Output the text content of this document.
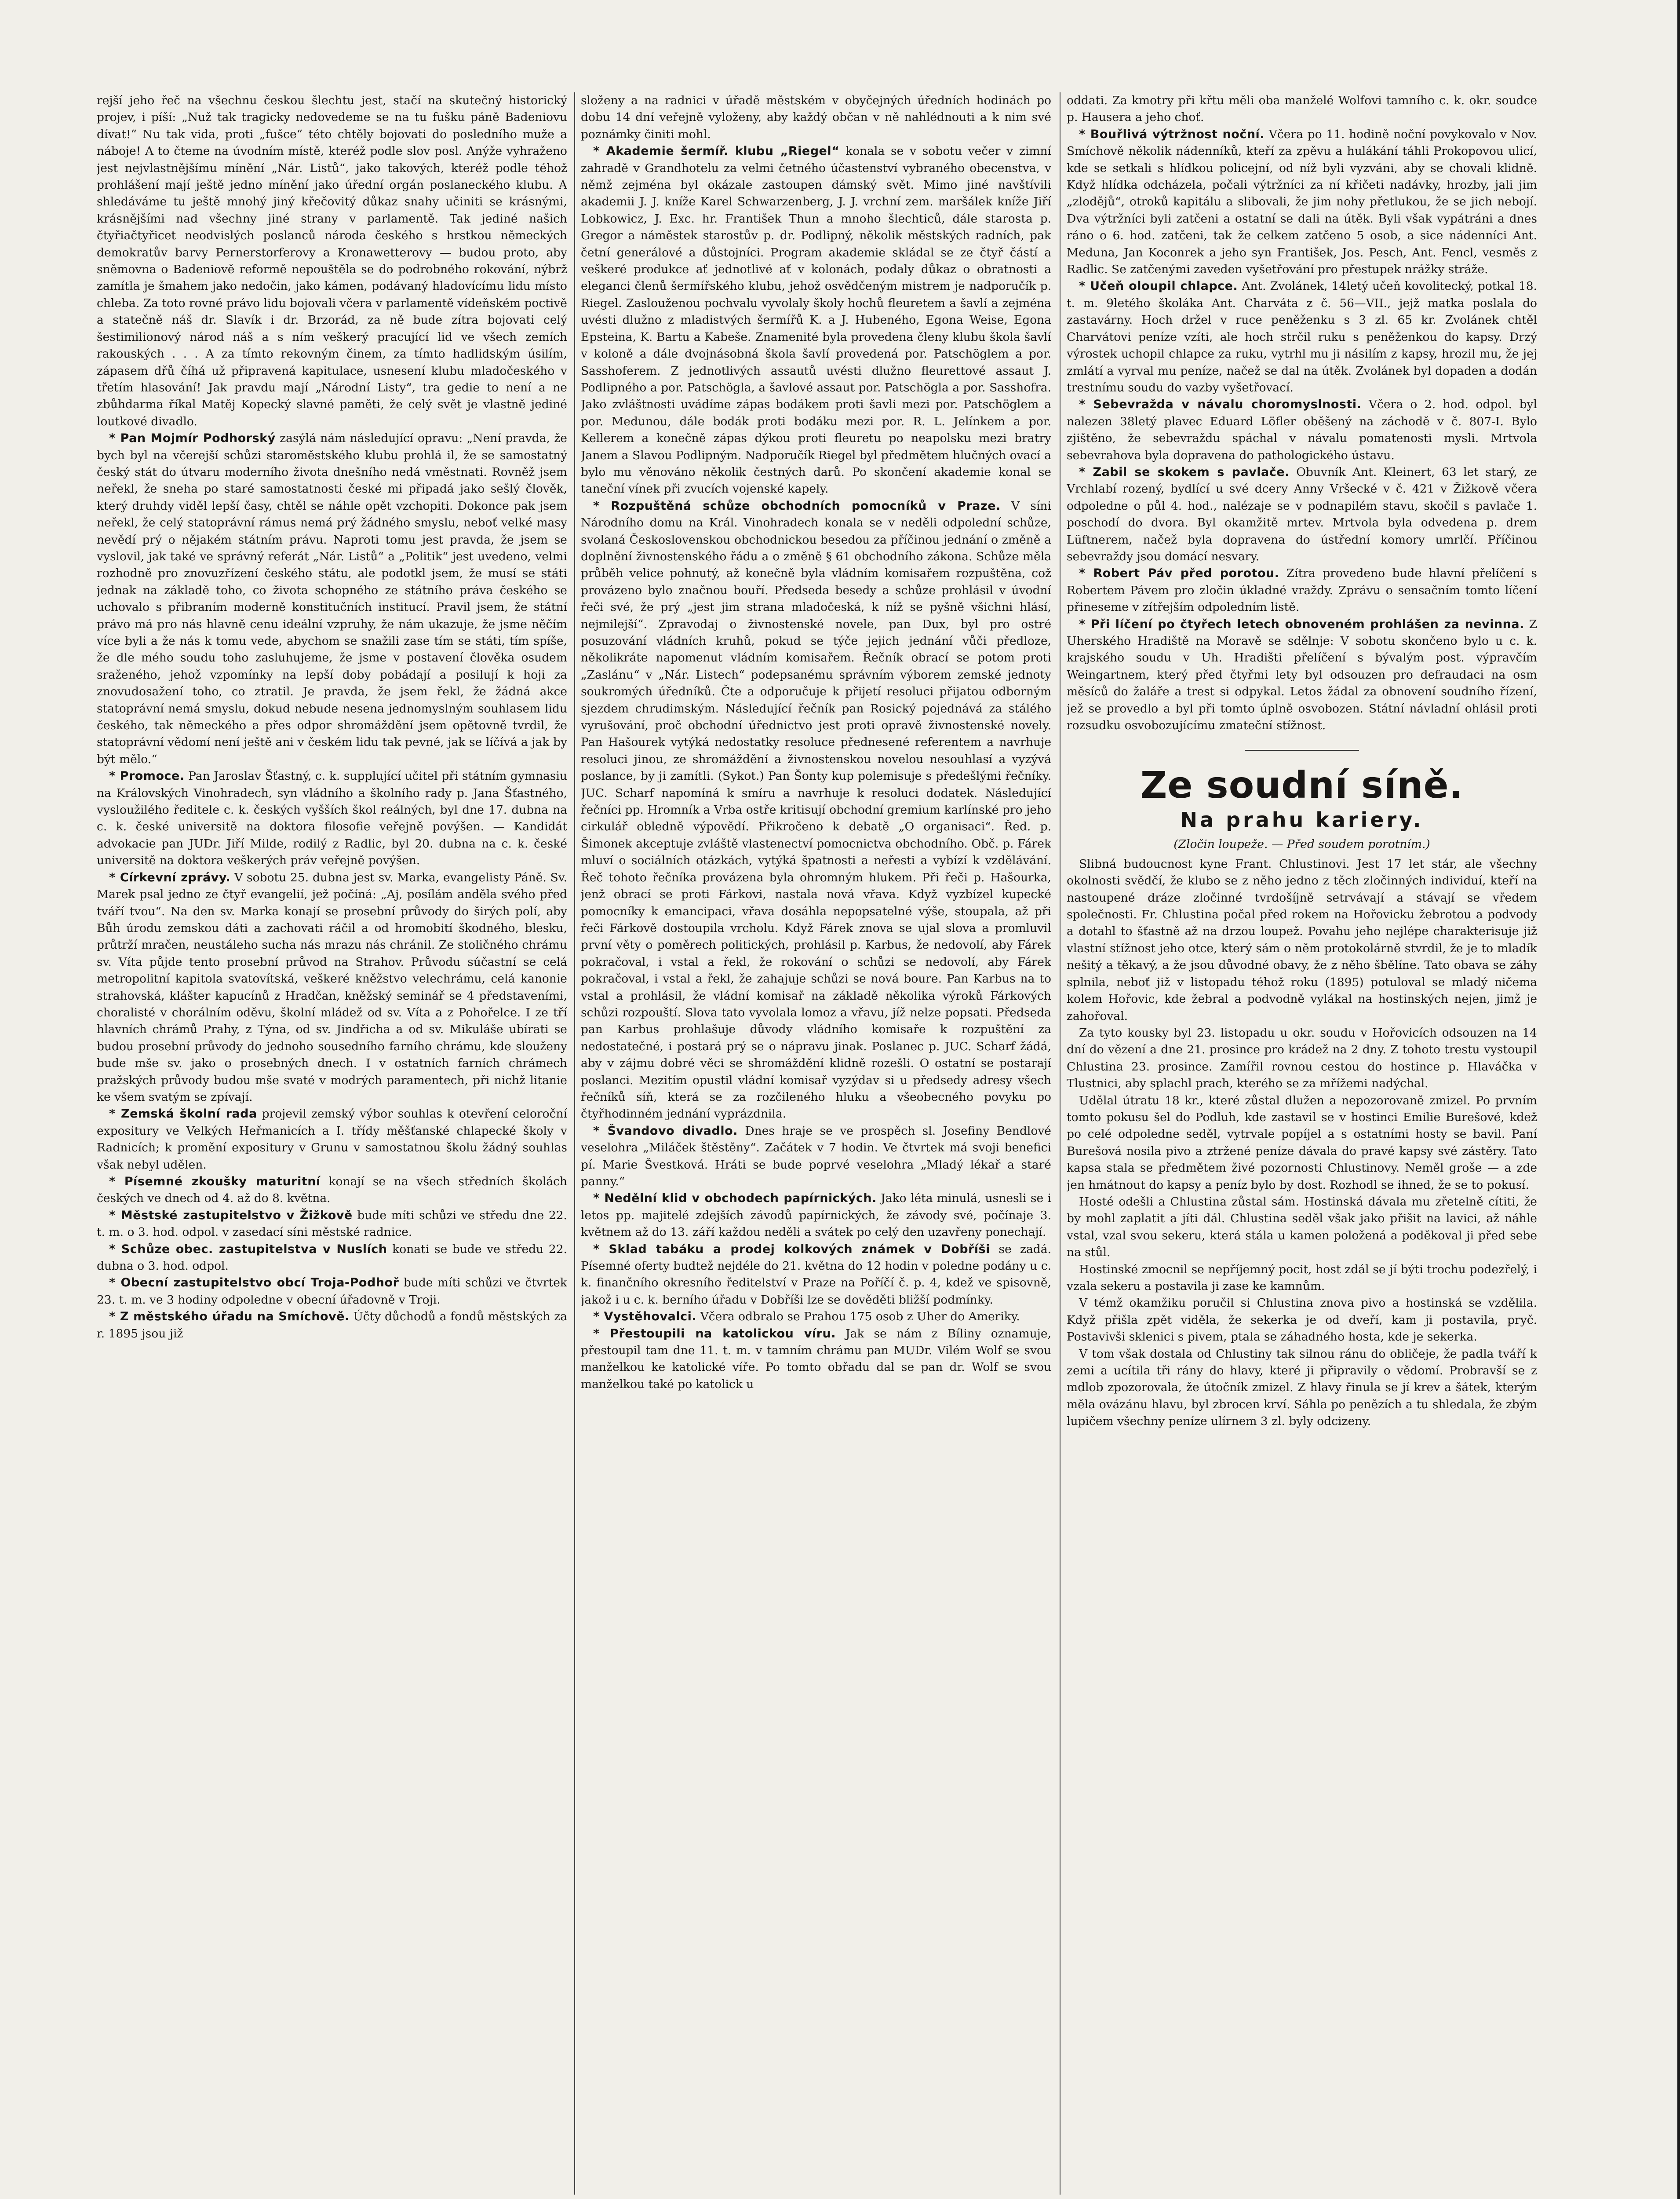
rejší jeho řeč na všechnu českou šlechtu jest, stačí na skutečný historický projev, i píší: „Nuž tak tragicky nedovedeme se na tu fušku páně Badeniovu dívat!“ Nu tak vida, proti „fušce“ této chtěly bojovati do posledního muže a náboje! A to čteme na úvodním místě, kteréž podle slov posl. Anýže vyhraženo jest nejvlastnějšímu mínění „Nár. Listů“, jako takových, kteréž podle téhož prohlášení mají ještě jedno mínění jako úřední orgán poslaneckého klubu. A shledáváme tu ještě mnohý jiný křečovitý důkaz snahy učiniti se krásnými, krásnějšími nad všechny jiné strany v parlamentě. Tak jediné našich čtyřiačtyřicet neodvislých poslanců národa českého s hrstkou německých demokratův barvy Pernerstorferovy a Kronawetterovy — budou proto, aby sněmovna o Badeniově reformě nepouštěla se do podrobného rokování, nýbrž zamítla je šmahem jako nedočin, jako kámen, podávaný hladovícímu lidu místo chleba. Za toto rovné právo lidu bojovali včera v parlamentě vídeňském poctivě a statečně náš dr. Slavík i dr. Brzorád, za ně bude zítra bojovati celý šestimilionový národ náš a s ním veškerý pracující lid ve všech zemích rakouských . . . A za tímto rekovným činem, za tímto hadlidským úsilím, zápasem dřů číhá už připravená kapitulace, usnesení klubu mladočeského v třetím hlasování! Jak pravdu mají „Národní Listy“, tra gedie to není a ne zbůhdarma říkal Matěj Kopecký slavné paměti, že celý svět je vlastně jediné loutkové divadlo.

* Pan Mojmír Podhorský zasýlá nám následující opravu: „Není pravda, že bych byl na včerejší schůzi staroměstského klubu prohlá il, že se samostatný český stát do útvaru moderního života dnešního nedá vměstnati. Rovněž jsem neřekl, že sneha po staré samostatnosti české mi připadá jako sešlý člověk, který druhdy viděl lepší časy, chtěl se náhle opět vzchopiti. Dokonce pak jsem neřekl, že celý statoprávní rámus nemá prý žádného smyslu, neboť velké masy nevědí prý o nějakém státním právu. Naproti tomu jest pravda, že jsem se vyslovil, jak také ve správný referát „Nár. Listů“ a „Politik“ jest uvedeno, velmi rozhodně pro znovuzřízení českého státu, ale podotkl jsem, že musí se státi jednak na základě toho, co života schopného ze státního práva českého se uchovalo s přibraním moderně konstitučních institucí. Pravil jsem, že státní právo má pro nás hlavně cenu ideální vzpruhy, že nám ukazuje, že jsme něčím více byli a že nás k tomu vede, abychom se snažili zase tím se státi, tím spíše, že dle mého soudu toho zasluhujeme, že jsme v postavení člověka osudem sraženého, jehož vzpomínky na lepší doby pobádají a posilují k hoji za znovudosažení toho, co ztratil. Je pravda, že jsem řekl, že žádná akce statoprávní nemá smyslu, dokud nebude nesena jednomyslným souhlasem lidu českého, tak německého a přes odpor shromáždění jsem opětovně tvrdil, že statoprávní vědomí není ještě ani v českém lidu tak pevné, jak se líčívá a jak by být mělo.“

* Promoce. Pan Jaroslav Šťastný, c. k. supplující učitel při státním gymnasiu na Královských Vinohradech, syn vládního a školního rady p. Jana Šťastného, vysloužilého ředitele c. k. českých vyšších škol reálných, byl dne 17. dubna na c. k. české universitě na doktora filosofie veřejně povýšen. — Kandidát advokacie pan JUDr. Jiří Milde, rodilý z Radlic, byl 20. dubna na c. k. české universitě na doktora veškerých práv veřejně povýšen.

* Církevní zprávy. V sobotu 25. dubna jest sv. Marka, evangelisty Páně. Sv. Marek psal jedno ze čtyř evangelií, jež počíná: „Aj, posílám anděla svého před tváří tvou“. Na den sv. Marka konají se prosební průvody do širých polí, aby Bůh úrodu zemskou dáti a zachovati ráčil a od hromobití škodného, blesku, průtrží mračen, neustáleho sucha nás mrazu nás chránil. Ze stoličného chrámu sv. Víta půjde tento prosební průvod na Strahov. Průvodu súčastní se celá metropolitní kapitola svatovítská, veškeré kněžstvo velechrámu, celá kanonie strahovská, klášter kapucínů z Hradčan, kněžský seminář se 4 představeními, choralisté v chorálním oděvu, školní mládež od sv. Víta a z Pohořelce. I ze tří hlavních chrámů Prahy, z Týna, od sv. Jindřicha a od sv. Mikuláše ubírati se budou prosební průvody do jednoho sousedního farního chrámu, kde slouženy bude mše sv. jako o prosebných dnech. I v ostatních farních chrámech pražských průvody budou mše svaté v modrých paramentech, při nichž litanie ke všem svatým se zpívají.

* Zemská školní rada projevil zemský výbor souhlas k otevření celoroční expositury ve Velkých Heřmanicích a I. třídy měšťanské chlapecké školy v Radnicích; k promění expositury v Grunu v samostatnou školu žádný souhlas však nebyl udělen.

* Písemné zkoušky maturitní konají se na všech středních školách českých ve dnech od 4. až do 8. května.

* Městské zastupitelstvo v Žižkově bude míti schůzi ve středu dne 22. t. m. o 3. hod. odpol. v zasedací síni městské radnice.

* Schůze obec. zastupitelstva v Nuslích konati se bude ve středu 22. dubna o 3. hod. odpol.

* Obecní zastupitelstvo obcí Troja-Podhoř bude míti schůzi ve čtvrtek 23. t. m. ve 3 hodiny odpoledne v obecní úřadovně v Troji.

* Z městského úřadu na Smíchově. Účty důchodů a fondů městských za r. 1895 jsou již

složeny a na radnici v úřadě městském v obyčejných úředních hodinách po dobu 14 dní veřejně vyloženy, aby každý občan v ně nahlédnouti a k nim své poznámky činiti mohl.

* Akademie šermíř. klubu „Riegel“ konala se v sobotu večer v zimní zahradě v Grandhotelu za velmi četného účastenství vybraného obecenstva, v němž zejména byl okázale zastoupen dámský svět. Mimo jiné navštívili akademii J. J. kníže Karel Schwarzenberg, J. J. vrchní zem. maršálek kníže Jiří Lobkowicz, J. Exc. hr. František Thun a mnoho šlechticů, dále starosta p. Gregor a náměstek starostův p. dr. Podlipný, několik městských radních, pak četní generálové a důstojníci. Program akademie skládal se ze čtyř částí a veškeré produkce ať jednotlivé ať v kolonách, podaly důkaz o obratnosti a eleganci členů šermířského klubu, jehož osvědčeným mistrem je nadporučík p. Riegel. Zaslouženou pochvalu vyvolaly školy hochů fleuretem a šavlí a zejména uvésti dlužno z mladistvých šermířů K. a J. Hubeného, Egona Weise, Egona Epsteina, K. Bartu a Kabeše. Znamenité byla provedena členy klubu škola šavlí v koloně a dále dvojnásobná škola šavlí provedená por. Patschöglem a por. Sasshoferem. Z jednotlivých assautů uvésti dlužno fleurettové assaut J. Podlipného a por. Patschögla, a šavlové assaut por. Patschögla a por. Sasshofra. Jako zvláštnosti uvádíme zápas bodákem proti šavli mezi por. Patschöglem a por. Medunou, dále bodák proti bodáku mezi por. R. L. Jelínkem a por. Kellerem a konečně zápas dýkou proti fleuretu po neapolsku mezi bratry Janem a Slavou Podlipným. Nadporučík Riegel byl předmětem hlučných ovací a bylo mu věnováno několik čestných darů. Po skončení akademie konal se taneční vínek při zvucích vojenské kapely.

* Rozpuštěná schůze obchodních pomocníků v Praze. V síni Národního domu na Král. Vinohradech konala se v neděli odpolední schůze, svolaná Československou obchodnickou besedou za příčinou jednání o změně a doplnění živnostenského řádu a o změně § 61 obchodního zákona. Schůze měla průběh velice pohnutý, až konečně byla vládním komisařem rozpuštěna, což provázeno bylo značnou bouří. Předseda besedy a schůze prohlásil v úvodní řeči své, že prý „jest jim strana mladočeská, k níž se pyšně všichni hlásí, nejmilejší“. Zpravodaj o živnostenské novele, pan Dux, byl pro ostré posuzování vládních kruhů, pokud se týče jejich jednání vůči předloze, několikráte napomenut vládním komisařem. Řečník obrací se potom proti „Zaslánu“ v „Nár. Listech“ podepsanému správním výborem zemské jednoty soukromých úředníků. Čte a odporučuje k přijetí resoluci přijatou odborným sjezdem chrudimským. Následující řečník pan Rosický pojednává za stálého vyrušování, proč obchodní úřednictvo jest proti opravě živnostenské novely. Pan Hašourek vytýká nedostatky resoluce přednesené referentem a navrhuje resoluci jinou, ze shromáždění a živnostenskou novelou nesouhlasí a vyzývá poslance, by ji zamítli. (Sykot.) Pan Šonty kup polemisuje s předešlými řečníky. JUC. Scharf napomíná k smíru a navrhuje k resoluci dodatek. Následující řečníci pp. Hromník a Vrba ostře kritisují obchodní gremium karlínské pro jeho cirkulář obledně výpovědí. Přikročeno k debatě „O organisaci“. Řed. p. Šimonek akceptuje zvláště vlastenectví pomocnictva obchodního. Obč. p. Fárek mluví o sociálních otázkách, vytýká špatnosti a neřesti a vybízí k vzdělávání. Řeč tohoto řečníka provázena byla ohromným hlukem. Při řeči p. Hašourka, jenž obrací se proti Fárkovi, nastala nová vřava. Když vyzbízel kupecké pomocníky k emancipaci, vřava dosáhla nepopsatelné výše, stoupala, až při řeči Fárkově dostoupila vrcholu. Když Fárek znova se ujal slova a promluvil první věty o poměrech politických, prohlásil p. Karbus, že nedovolí, aby Fárek pokračoval, i vstal a řekl, že rokování o schůzi se nedovolí, aby Fárek pokračoval, i vstal a řekl, že zahajuje schůzi se nová boure. Pan Karbus na to vstal a prohlásil, že vládní komisař na základě několika výroků Fárkových schůzi rozpouští. Slova tato vyvolala lomoz a vřavu, jíž nelze popsati. Předseda pan Karbus prohlašuje důvody vládního komisaře k rozpuštění za nedostatečné, i postará prý se o nápravu jinak. Poslanec p. JUC. Scharf žádá, aby v zájmu dobré věci se shromáždění klidně rozešli. O ostatní se postarají poslanci. Mezitím opustil vládní komisař vyzýdav si u předsedy adresy všech řečníků síň, která se za rozčileného hluku a všeobecného povyku po čtyřhodinném jednání vyprázdnila.

* Švandovo divadlo. Dnes hraje se ve prospěch sl. Josefiny Bendlové veselohra „Miláček štěstěny“. Začátek v 7 hodin. Ve čtvrtek má svoji benefici pí. Marie Švestková. Hráti se bude poprvé veselohra „Mladý lékař a staré panny.“

* Nedělní klid v obchodech papírnických. Jako léta minulá, usnesli se i letos pp. majitelé zdejších závodů papírnických, že závody své, počínaje 3. květnem až do 13. září každou neděli a svátek po celý den uzavřeny ponechají.

* Sklad tabáku a prodej kolkových známek v Dobříši se zadá. Písemné oferty budtež nejdéle do 21. května do 12 hodin v poledne podány u c. k. finančního okresního ředitelství v Praze na Poříčí č. p. 4, kdež ve spisovně, jakož i u c. k. berního úřadu v Dobříši lze se dověděti bližší podmínky.

* Vystěhovalci. Včera odbralo se Prahou 175 osob z Uher do Ameriky.

* Přestoupili na katolickou víru. Jak se nám z Bíliny oznamuje, přestoupil tam dne 11. t. m. v tamním chrámu pan MUDr. Vilém Wolf se svou manželkou ke katolické víře. Po tomto obřadu dal se pan dr. Wolf se svou manželkou také po katolick u

oddati. Za kmotry při křtu měli oba manželé Wolfovi tamního c. k. okr. soudce p. Hausera a jeho choť.

* Bouřlivá výtržnost noční. Včera po 11. hodině noční povykovalo v Nov. Smíchově několik nádenníků, kteří za zpěvu a hulákání táhli Prokopovou ulicí, kde se setkali s hlídkou policejní, od níž byli vyzváni, aby se chovali klidně. Když hlídka odcházela, počali výtržníci za ní křičeti nadávky, hrozby, jali jim „zlodějů“, otroků kapitálu a slibovali, že jim nohy přetlukou, že se jich nebojí. Dva výtržníci byli zatčeni a ostatní se dali na útěk. Byli však vypátráni a dnes ráno o 6. hod. zatčeni, tak že celkem zatčeno 5 osob, a sice nádenníci Ant. Meduna, Jan Koconrek a jeho syn František, Jos. Pesch, Ant. Fencl, vesměs z Radlic. Se zatčenými zaveden vyšetřování pro přestupek nrážky stráže.

* Učeň oloupil chlapce. Ant. Zvolánek, 14letý učeň kovolitecký, potkal 18. t. m. 9letého školáka Ant. Charváta z č. 56—VII., jejž matka poslala do zastavárny. Hoch držel v ruce peněženku s 3 zl. 65 kr. Zvolánek chtěl Charvátovi peníze vzíti, ale hoch strčil ruku s peněženkou do kapsy. Drzý výrostek uchopil chlapce za ruku, vytrhl mu ji násilím z kapsy, hrozil mu, že jej zmlátí a vyrval mu peníze, načež se dal na útěk. Zvolánek byl dopaden a dodán trestnímu soudu do vazby vyšetřovací.

* Sebevražda v návalu choromyslnosti. Včera o 2. hod. odpol. byl nalezen 38letý plavec Eduard Löfler oběšený na záchodě v č. 807-I. Bylo zjištěno, že sebevraždu spáchal v návalu pomatenosti mysli. Mrtvola sebevrahova byla dopravena do pathologického ústavu.

* Zabil se skokem s pavlače. Obuvník Ant. Kleinert, 63 let starý, ze Vrchlabí rozený, bydlící u své dcery Anny Vršecké v č. 421 v Žižkově včera odpoledne o půl 4. hod., nalézaje se v podnapilém stavu, skočil s pavlače 1. poschodí do dvora. Byl okamžitě mrtev. Mrtvola byla odvedena p. drem Lüftnerem, načež byla dopravena do ústřední komory umrlčí. Příčinou sebevraždy jsou domácí nesvary.

* Robert Páv před porotou. Zítra provedeno bude hlavní přelíčení s Robertem Pávem pro zločin úkladné vraždy. Zprávu o sensačním tomto líčení přineseme v zítřejším odpoledním listě.

* Při líčení po čtyřech letech obnoveném prohlášen za nevinna. Z Uherského Hradiště na Moravě se sdělnje: V sobotu skončeno bylo u c. k. krajského soudu v Uh. Hradišti přelíčení s bývalým post. výpravčím Weingartnem, který před čtyřmi lety byl odsouzen pro defraudaci na osm měsíců do žaláře a trest si odpykal. Letos žádal za obnovení soudního řízení, jež se provedlo a byl při tomto úplně osvobozen. Státní návladní ohlásil proti rozsudku osvobozujícímu zmateční stížnost.

Ze soudní síně.
Na prahu kariery.

(Zločin loupeže. — Před soudem porotním.)

Slibná budoucnost kyne Frant. Chlustinovi. Jest 17 let stár, ale všechny okolnosti svědčí, že klubo se z něho jedno z těch zločinných individuí, kteří na nastoupené dráze zločinné tvrdošíjně setrvávají a stávají se vředem společnosti. Fr. Chlustina počal před rokem na Hořovicku žebrotou a podvody a dotahl to šťastně až na drzou loupež. Povahu jeho nejlépe charakterisuje již vlastní stížnost jeho otce, který sám o něm protokolárně stvrdil, že je to mladík nešitý a těkavý, a že jsou důvodné obavy, že z něho šbělíne. Tato obava se záhy splnila, neboť již v listopadu téhož roku (1895) potuloval se mladý ničema kolem Hořovic, kde žebral a podvodně vylákal na hostinských nejen, jimž je zahořoval.

Za tyto kousky byl 23. listopadu u okr. soudu v Hořovicích odsouzen na 14 dní do vězení a dne 21. prosince pro krádež na 2 dny. Z tohoto trestu vystoupil Chlustina 23. prosince. Zamířil rovnou cestou do hostince p. Hlaváčka v Tlustnici, aby splachl prach, kterého se za mřížemi nadýchal.

Udělal útratu 18 kr., které zůstal dlužen a nepozorovaně zmizel. Po prvním tomto pokusu šel do Podluh, kde zastavil se v hostinci Emilie Burešové, kdež po celé odpoledne seděl, vytrvale popíjel a s ostatními hosty se bavil. Paní Burešová nosila pivo a ztržené peníze dávala do pravé kapsy své zástěry. Tato kapsa stala se předmětem živé pozornosti Chlustinovy. Neměl groše — a zde jen hmátnout do kapsy a peníz bylo by dost. Rozhodl se ihned, že se to pokusí.

Hosté odešli a Chlustina zůstal sám. Hostinská dávala mu zřetelně cítiti, že by mohl zaplatit a jíti dál. Chlustina seděl však jako přišit na lavici, až náhle vstal, vzal svou sekeru, která stála u kamen položená a poděkoval ji před sebe na stůl.

Hostinské zmocnil se nepříjemný pocit, host zdál se jí býti trochu podezřelý, i vzala sekeru a postavila ji zase ke kamnům.

V témž okamžiku poručil si Chlustina znova pivo a hostinská se vzdělila. Když přišla zpět viděla, že sekerka je od dveří, kam ji postavila, pryč. Postavivši sklenici s pivem, ptala se záhadného hosta, kde je sekerka.

V tom však dostala od Chlustiny tak silnou ránu do obličeje, že padla tváří k zemi a ucítila tři rány do hlavy, které ji připravily o vědomí. Probravší se z mdlob zpozorovala, že útočník zmizel. Z hlavy řinula se jí krev a šátek, kterým měla ovázánu hlavu, byl zbrocen krví. Sáhla po penězích a tu shledala, že zbým lupičem všechny peníze ulírnem 3 zl. byly odcizeny.
